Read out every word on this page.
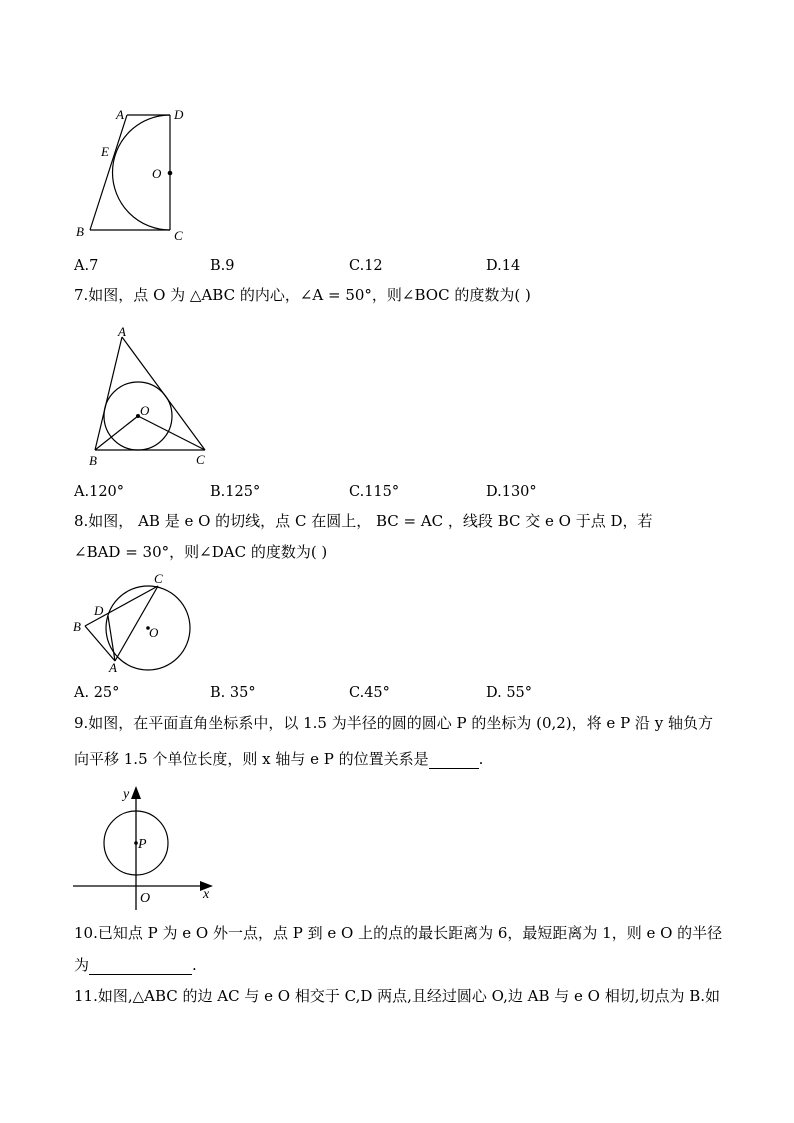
A	D
E
O
B	C
A.7	B.9	C.12	D.14
7.如图，点 O 为 △ABC 的内心，∠A = 50°，则∠BOC 的度数为( )
A
O
B	C
A.120°	B.125°	C.115°	D.130°
8.如图， AB 是 e O 的切线，点 C 在圆上， BC = AC ，线段 BC 交 e O 于点 D，若
∠BAD = 30°，则∠DAC 的度数为( )
C
D
B	O
A
A. 25°	B. 35°	C.45°	D. 55°
9.如图，在平面直角坐标系中，以 1.5 为半径的圆的圆心 P 的坐标为 (0,2)，将 e P 沿 y 轴负方
向平移 1.5 个单位长度，则 x 轴与 e P 的位置关系是	.
y
P
O	x
10.已知点 P 为 e O 外一点，点 P 到 e O 上的点的最长距离为 6，最短距离为 1，则 e O 的半径
为	.
11.如图,△ABC 的边 AC 与 e O 相交于 C,D 两点,且经过圆心 O,边 AB 与 e O 相切,切点为 B.如
